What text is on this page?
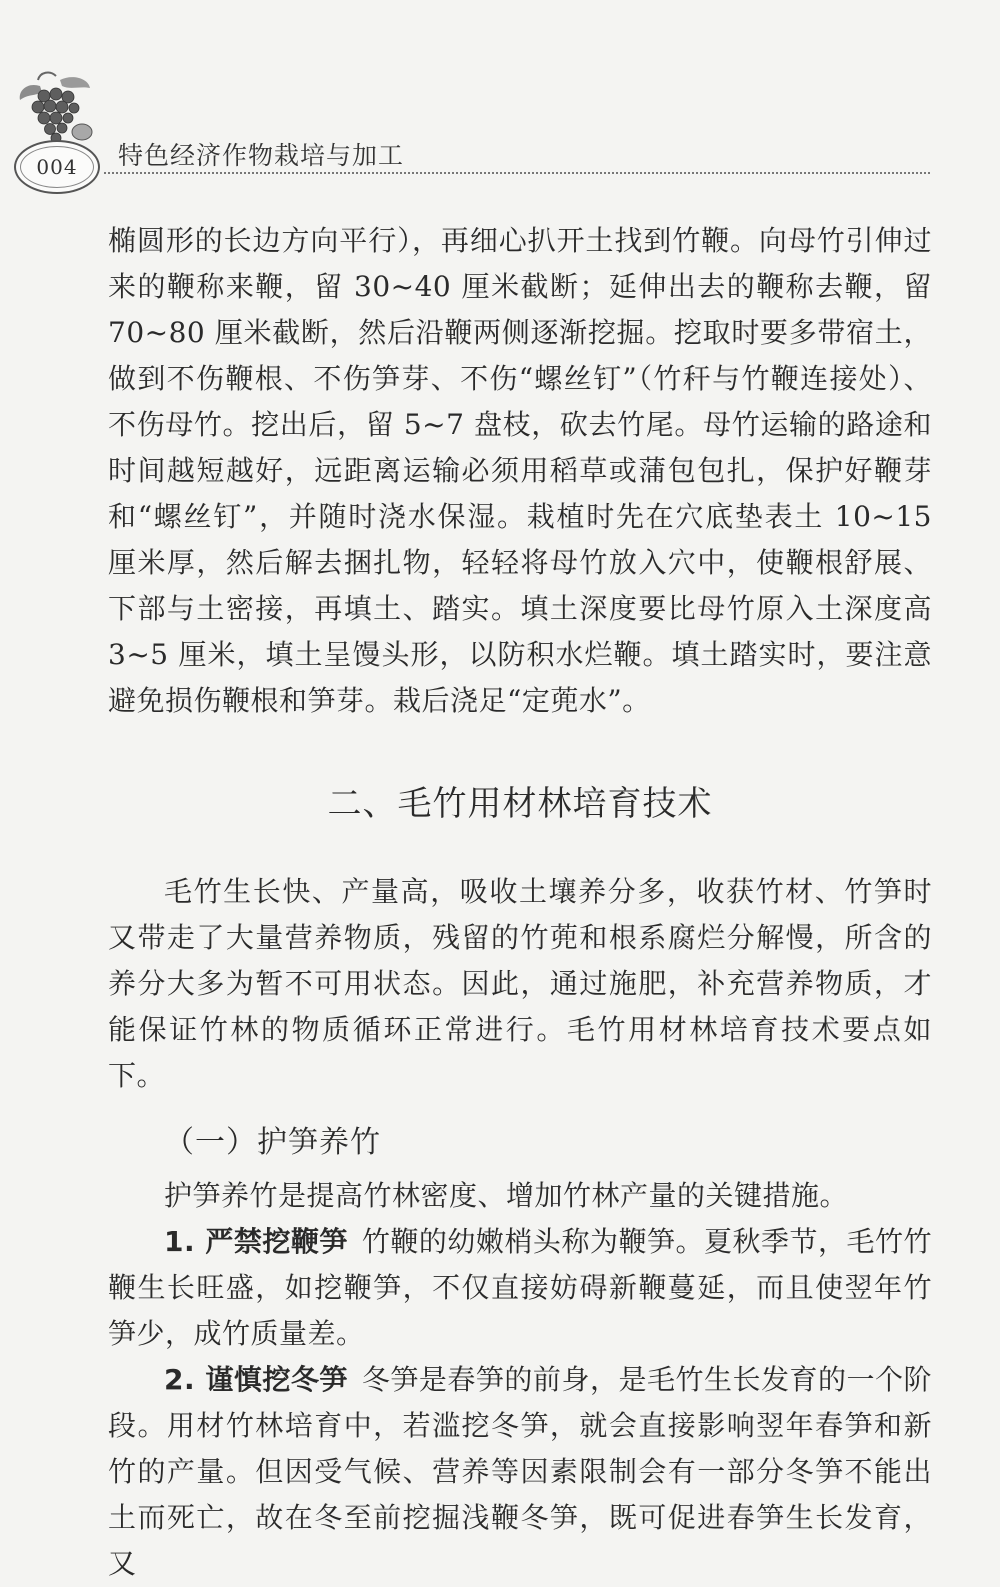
004	特色经济作物栽培与加工

椭圆形的长边方向平行），再细心扒开土找到竹鞭。向母竹引伸过来的鞭称来鞭，留 30~40 厘米截断；延伸出去的鞭称去鞭，留 70~80 厘米截断，然后沿鞭两侧逐渐挖掘。挖取时要多带宿土，做到不伤鞭根、不伤笋芽、不伤“螺丝钉”（竹秆与竹鞭连接处）、不伤母竹。挖出后，留 5~7 盘枝，砍去竹尾。母竹运输的路途和时间越短越好，远距离运输必须用稻草或蒲包包扎，保护好鞭芽和“螺丝钉”，并随时浇水保湿。栽植时先在穴底垫表土 10~15 厘米厚，然后解去捆扎物，轻轻将母竹放入穴中，使鞭根舒展、下部与土密接，再填土、踏实。填土深度要比母竹原入土深度高 3~5 厘米，填土呈馒头形，以防积水烂鞭。填土踏实时，要注意避免损伤鞭根和笋芽。栽后浇足“定蔸水”。

二、毛竹用材林培育技术

毛竹生长快、产量高，吸收土壤养分多，收获竹材、竹笋时又带走了大量营养物质，残留的竹蔸和根系腐烂分解慢，所含的养分大多为暂不可用状态。因此，通过施肥，补充营养物质，才能保证竹林的物质循环正常进行。毛竹用材林培育技术要点如下。

（一）护笋养竹

护笋养竹是提高竹林密度、增加竹林产量的关键措施。

1. 严禁挖鞭笋 竹鞭的幼嫩梢头称为鞭笋。夏秋季节，毛竹竹鞭生长旺盛，如挖鞭笋，不仅直接妨碍新鞭蔓延，而且使翌年竹笋少，成竹质量差。

2. 谨慎挖冬笋 冬笋是春笋的前身，是毛竹生长发育的一个阶段。用材竹林培育中，若滥挖冬笋，就会直接影响翌年春笋和新竹的产量。但因受气候、营养等因素限制会有一部分冬笋不能出土而死亡，故在冬至前挖掘浅鞭冬笋，既可促进春笋生长发育，又
